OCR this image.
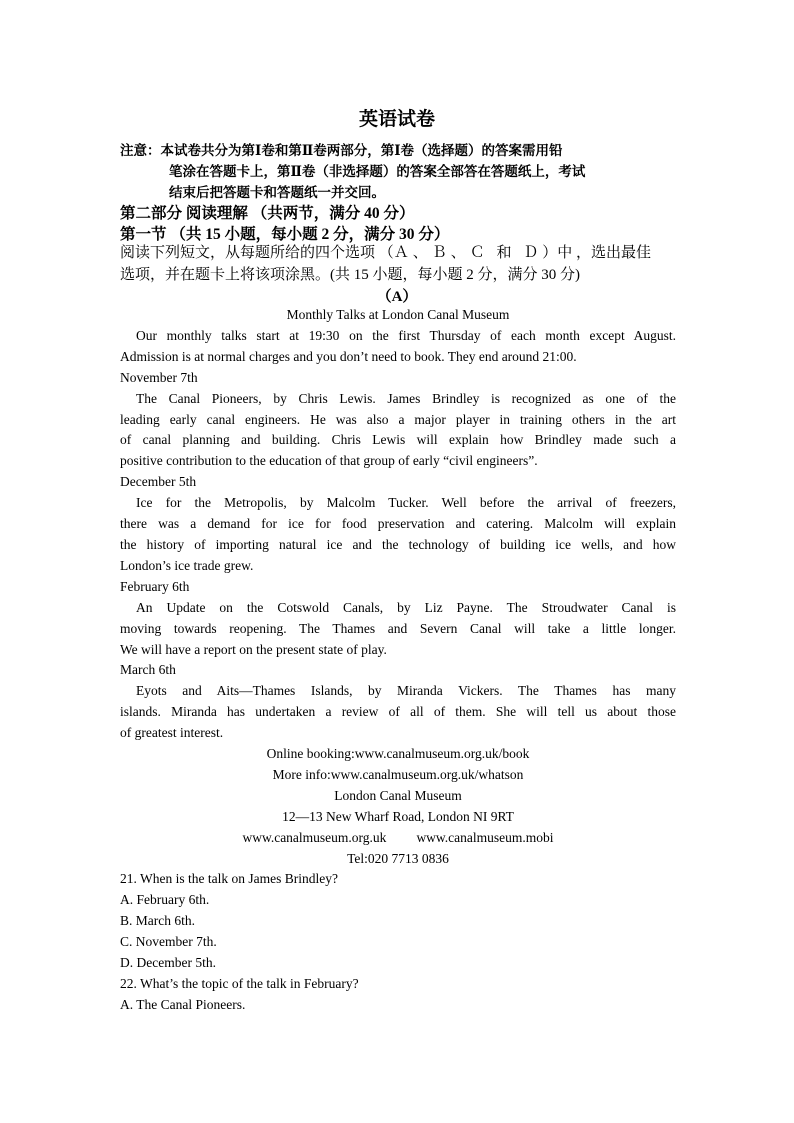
英语试卷
注意：本试卷共分为第Ⅰ卷和第Ⅱ卷两部分，第Ⅰ卷（选择题）的答案需用铅
笔涂在答题卡上，第Ⅱ卷（非选择题）的答案全部答在答题纸上，考试
结束后把答题卡和答题纸一并交回。
第二部分 阅读理解 （共两节，满分 40 分）
第一节 （共 15 小题，每小题 2 分，满分 30 分）
阅读下列短文，从每题所给的四个选项 （Ａ、Ｂ、Ｃ 和 Ｄ）中 ，选出最佳
选项，并在题卡上将该项涂黑。(共 15 小题，每小题 2 分，满分 30 分)
（A）
Monthly Talks at London Canal Museum
Our monthly talks start at 19:30 on the first Thursday of each month except August.
Admission is at normal charges and you don’t need to book. They end around 21:00.
November 7th
The Canal Pioneers, by Chris Lewis. James Brindley is recognized as one of the
leading early canal engineers. He was also a major player in training others in the art
of canal planning and building. Chris Lewis will explain how Brindley made such a
positive contribution to the education of that group of early “civil engineers”.
December 5th
Ice for the Metropolis, by Malcolm Tucker. Well before the arrival of freezers,
there was a demand for ice for food preservation and catering. Malcolm will explain
the history of importing natural ice and the technology of building ice wells, and how
London’s ice trade grew.
February 6th
An Update on the Cotswold Canals, by Liz Payne. The Stroudwater Canal is
moving towards reopening. The Thames and Severn Canal will take a little longer.
We will have a report on the present state of play.
March 6th
Eyots and Aits—Thames Islands, by Miranda Vickers. The Thames has many
islands. Miranda has undertaken a review of all of them. She will tell us about those
of greatest interest.
Online booking:www.canalmuseum.org.uk/book
More info:www.canalmuseum.org.uk/whatson
London Canal Museum
12—13 New Wharf Road, London NI 9RT
www.canalmuseum.org.uk www.canalmuseum.mobi
Tel:020 7713 0836
21. When is the talk on James Brindley?
A. February 6th.
B. March 6th.
C. November 7th.
D. December 5th.
22. What’s the topic of the talk in February?
A. The Canal Pioneers.
